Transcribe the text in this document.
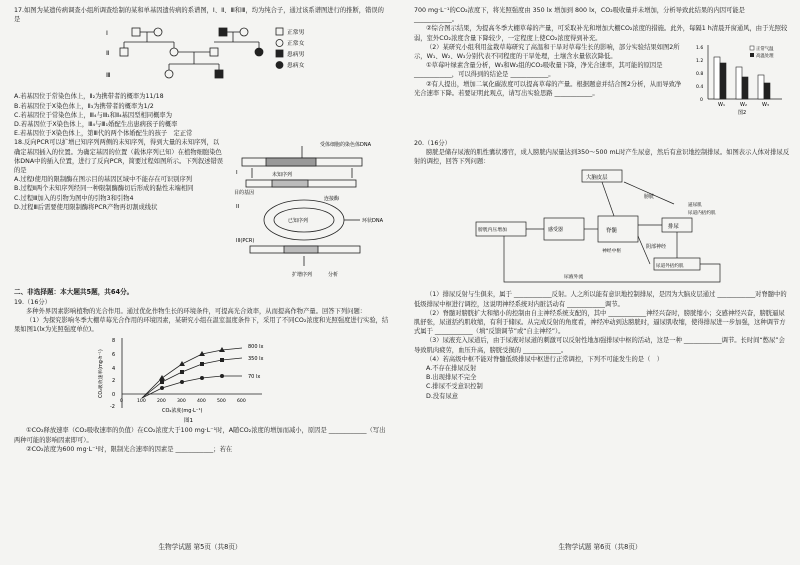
17.如图为某遗传病调查小组所调查绘制的某和单基因遗传病的系谱图，Ⅰ、Ⅱ、Ⅲ和Ⅲ，均为纯合子，通过该系谱图进行的推断，错误的是

Ⅰ
Ⅱ
Ⅲ
正常男
正常女
患病男
患病女

A.若基因位于常染色体上，Ⅱ₂为携带者的概率为11/18

B.若基因位于X染色体上，Ⅱ₃为携带者的概率为1/2

C.若基因位于常染色体上，Ⅲ₄与Ⅲ₁和Ⅱ₄基因型相同概率为

D.若基因位于X染色体上，Ⅲ₄与Ⅲ₁婚配生出患病孩子的概率

E.若基因位于X染色体上，第Ⅲ代的两个体婚配生的孩子　定正常

18.反向PCR可以扩增已知序列两侧的未知序列，得到大量的未知序列，以确定基因插入的位置。为确定基因的位置（载体序列已知）在植物细胞染色体DNA中的插入位置，进行了反向PCR，简要过程如图所示。下列叙述错误的是

A.过程Ⅰ使用的限制酶在图示目的基因区域中不能存在可识别序列

B.过程Ⅱ两个未知序列经同一种限制酶酶切后形成的黏性末端相同

C.过程Ⅲ加入的引物为图中的引物3和引物4

D.过程Ⅲ后需要使用限制酶将PCR产物再切割成线状

受体细胞的染色体DNA
目的基因
未知序列
已知序列	环状DNA
I
II
III(PCR)
扩增序列	分析
连接酶

二、非选择题：本大题共5题，共64分。

19.（16分）

多种外界因素影响植物的光合作用。通过优化作物生长的环境条件，可提高光合效率，从而提高作物产量。回答下列问题：

（1）为探究影响冬季大棚草莓光合作用的环境因素，某研究小组在温室温度条件下，采用了不同CO₂浓度和光照强度进行实验，结果如图1(lx为光照强度单位)。

8
6
4
2
0
-2
0	100 200 300 400 500 600
CO₂浓度(mg·L⁻¹)
图1
800 lx
350 lx
70 lx
CO₂吸收速率(mg·h⁻¹)

①CO₂释放速率（CO₂吸收速率的负值）在CO₂浓度大于100 mg·L⁻¹时，A随CO₂浓度的增加而减小，原因是 ____________（写出两种可能的影响因素即可）。

②CO₂浓度为600 mg·L⁻¹时，限制光合速率的因素是 ____________；若在

生物学试题 第5页（共8页）

700 mg·L⁻¹的CO₂浓度下，将光照强度由 350 lx 增加到 800 lx，CO₂吸收量并未增加，分析导致此结果的内因可能是 ____________。

②综合图示结果，为提高冬季大棚草莓的产量，可采取补光和增加大棚CO₂浓度的措施。此外，每隔1 h清晨开窗通风，由于光照较弱，室外CO₂浓度含量下降较少，一定程度上使CO₂浓度得到补充。

（2）某研究小组利用盆栽草莓研究了高温和干旱对草莓生长的影响，部分实验结果如图2所示，W₁、W₂、W₃分别代表不同程度的干旱处理，土壤含水量依次降低。

①草莓叶绿素含量分析，W₃和W₂组的CO₂吸收量下降，净光合速率，其可能的原因是 ____________，可以得到的结论是 ____________。

②有人提出，增加二氧化碳浓度可以提高草莓的产量。根据题意并结合图2分析，从而导致净光合速率下降。若要证明此观点，请写出实验思路 ____________。

1.6
1.2
0.8
0.4
0
W₁	W₂	W₃
图2
正常气温
高温处理

20.（16分）

膀胱是储存尿液的肌性囊状器官，成人膀胱内尿量达到350～500 mL时产生尿意，然后有意识地控制排尿。如图表示人体对排尿反射的调控，回答下列问题：

大脑皮层
膀胱
阴部神经
脊髓
膀胱内压增加	感受器
神经中枢
排尿
尿道外括约肌
尿液外流
尿道内括约肌
逼尿肌

（1）排尿反射与生俱来，属于 ____________反射。人之所以能有意识地控制排尿，是因为大脑皮层通过 ____________对脊髓中的低级排尿中枢进行调控，这说明神经系统对内脏活动有 ____________调节。

（2）脊髓对膀胱扩大和缩小的控制由自主神经系统支配的，其中 ____________神经兴奋时，膀胱缩小；交感神经兴奋，膀胱逼尿肌舒张，尿道括约肌收缩，有利于储尿。从完成反射的角度看，神经冲动到达膀胱时，逼尿肌收缩，使得排尿进一步加强，这种调节方式属于 ____________（填“反馈调节”或“自主神经”）。

（3）尿液充入尿道后，由于尿液对尿道的刺激可以反射性地加强排尿中枢的活动，这是一种 ____________调节。长时间“憋尿”会导致肌肉疲劳，血压升高，膀胱受损的 ____________。

（4）若高级中枢不能对脊髓低级排尿中枢进行正常调控，下列不可能发生的是（　）

A.不存在排尿反射

B.出现排尿不完全

C.排尿不受意识控制

D.没有尿意

生物学试题 第6页（共8页）
